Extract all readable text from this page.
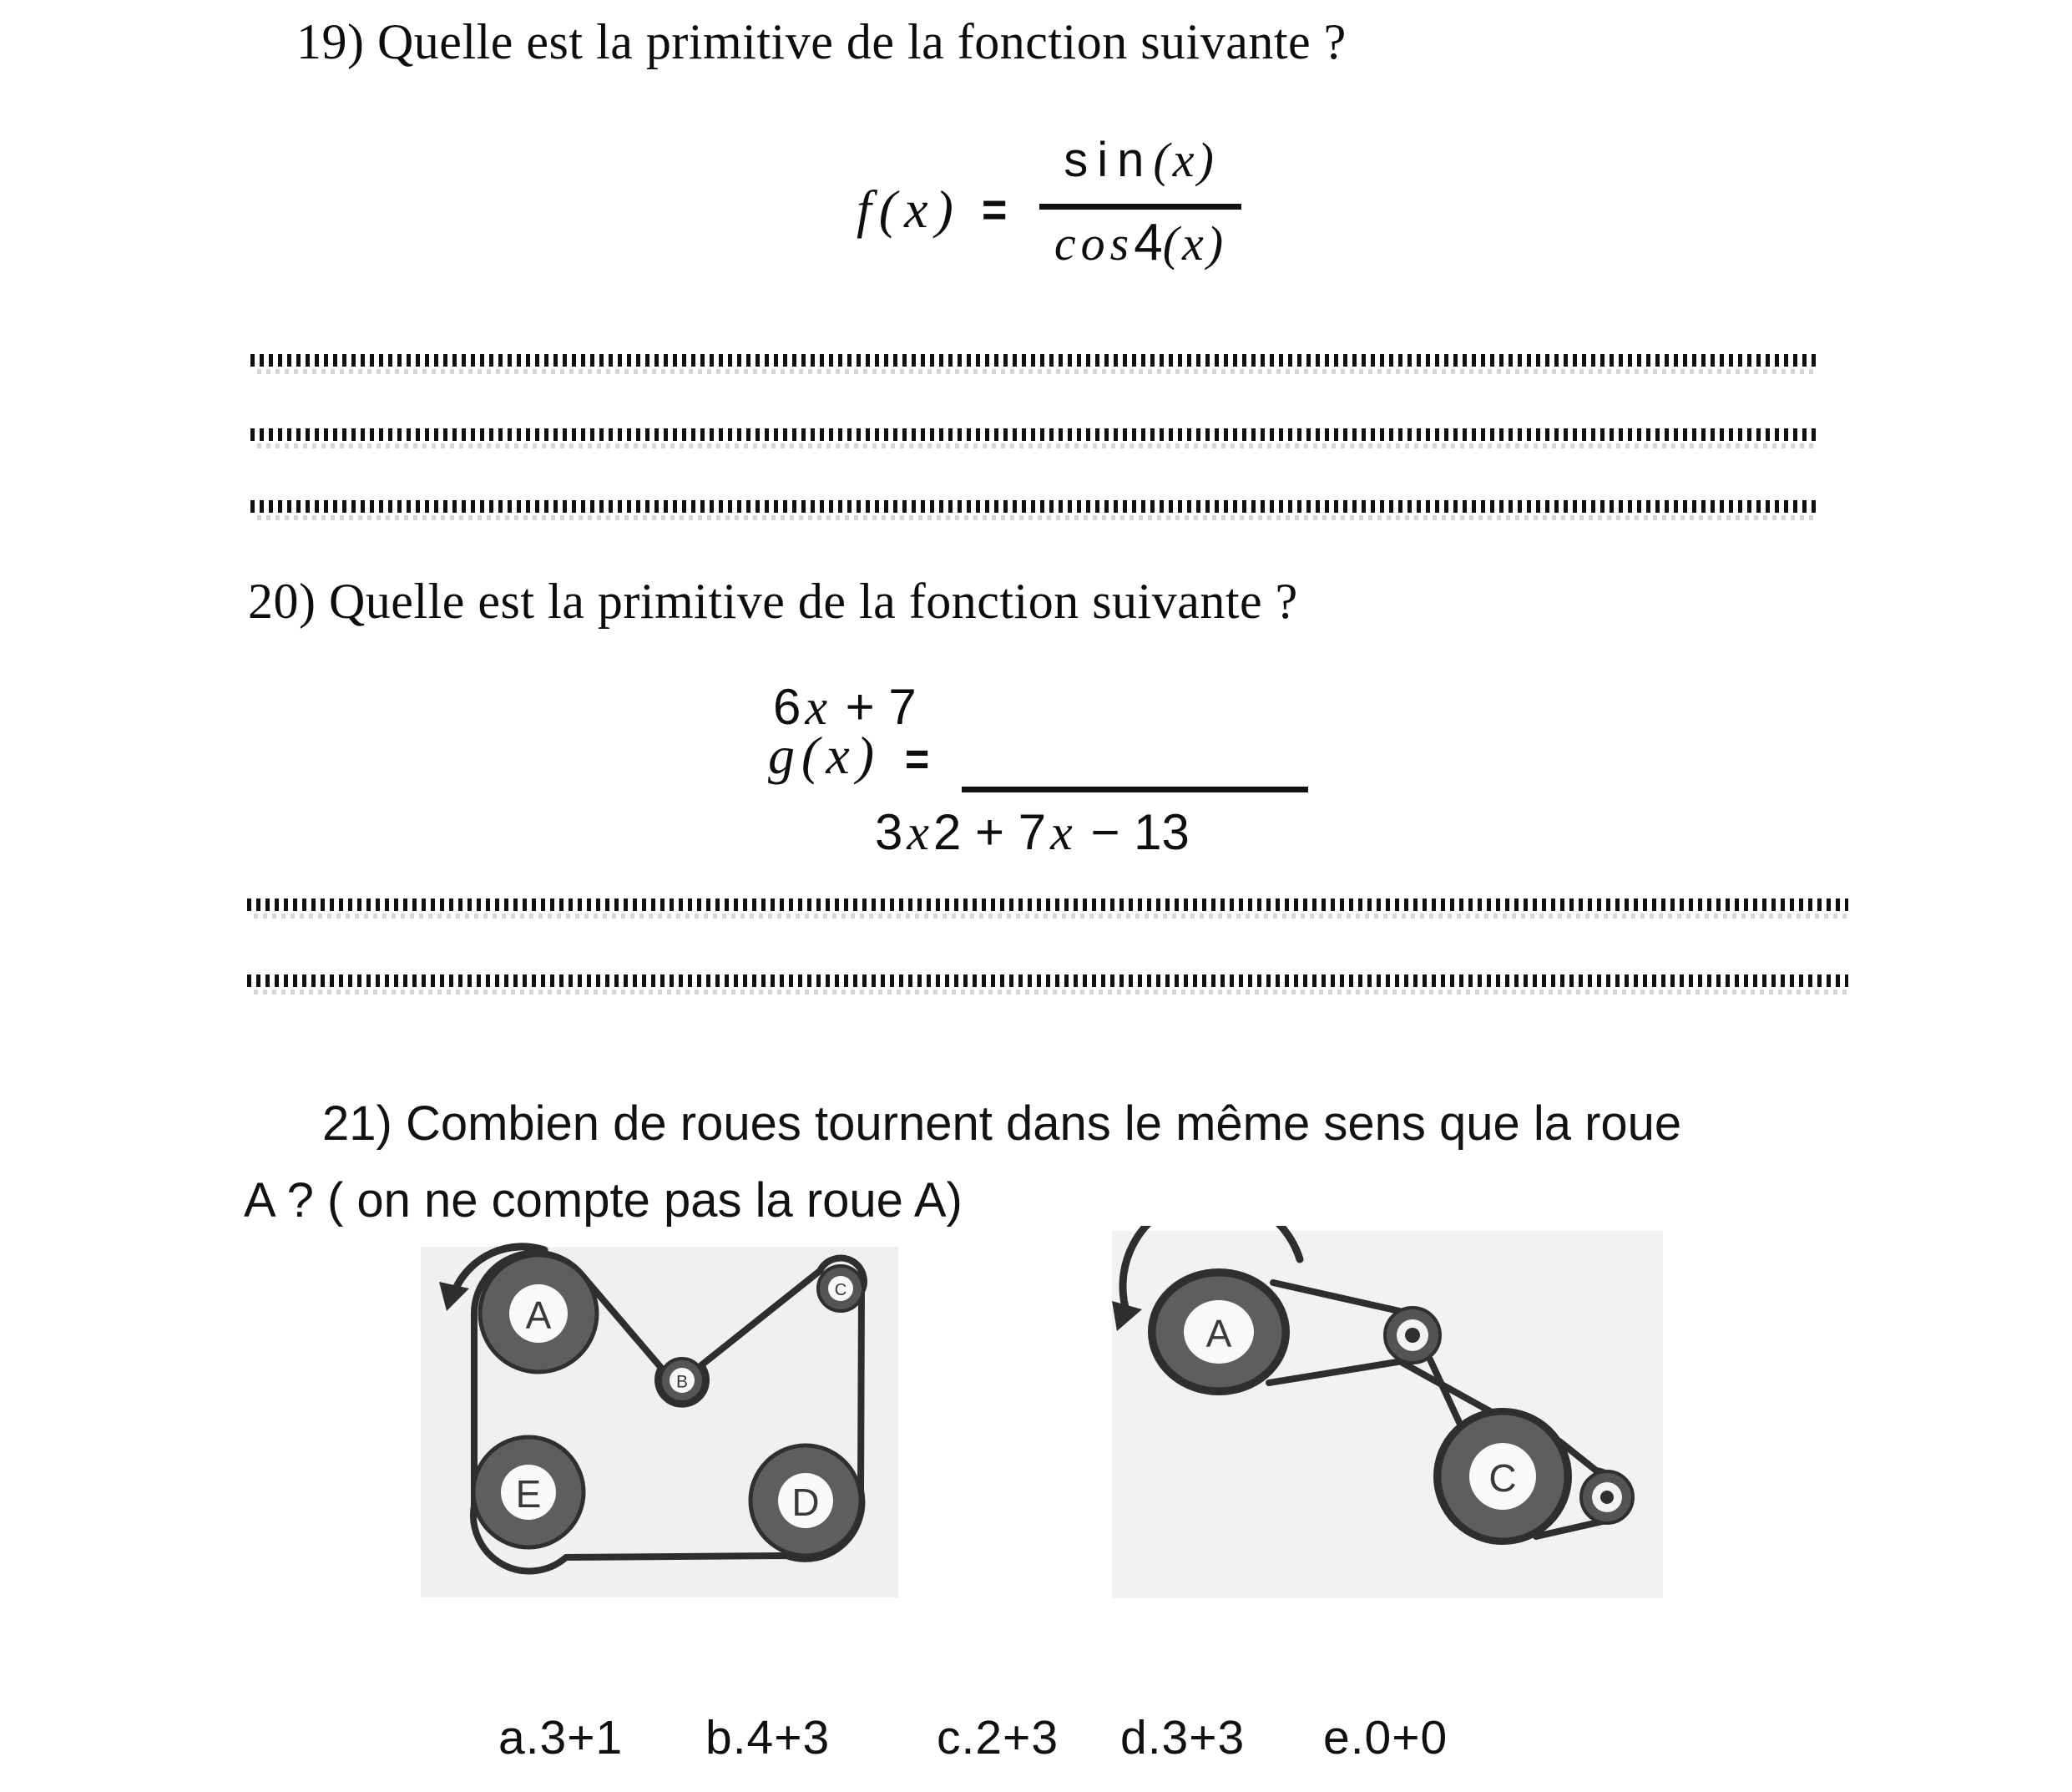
19) Quelle est la primitive de la fonction suivante ?
f(x) =
sin(x)
cos4(x)
20) Quelle est la primitive de la fonction suivante ?
6x + 7
g(x) =
3x2 + 7x − 13
21) Combien de roues tournent dans le même sens que la roue
A ? ( on ne compte pas la roue A)
A
E	D
B
C
A
C
a.3+1 b.4+3 c.2+3 d.3+3 e.0+0
